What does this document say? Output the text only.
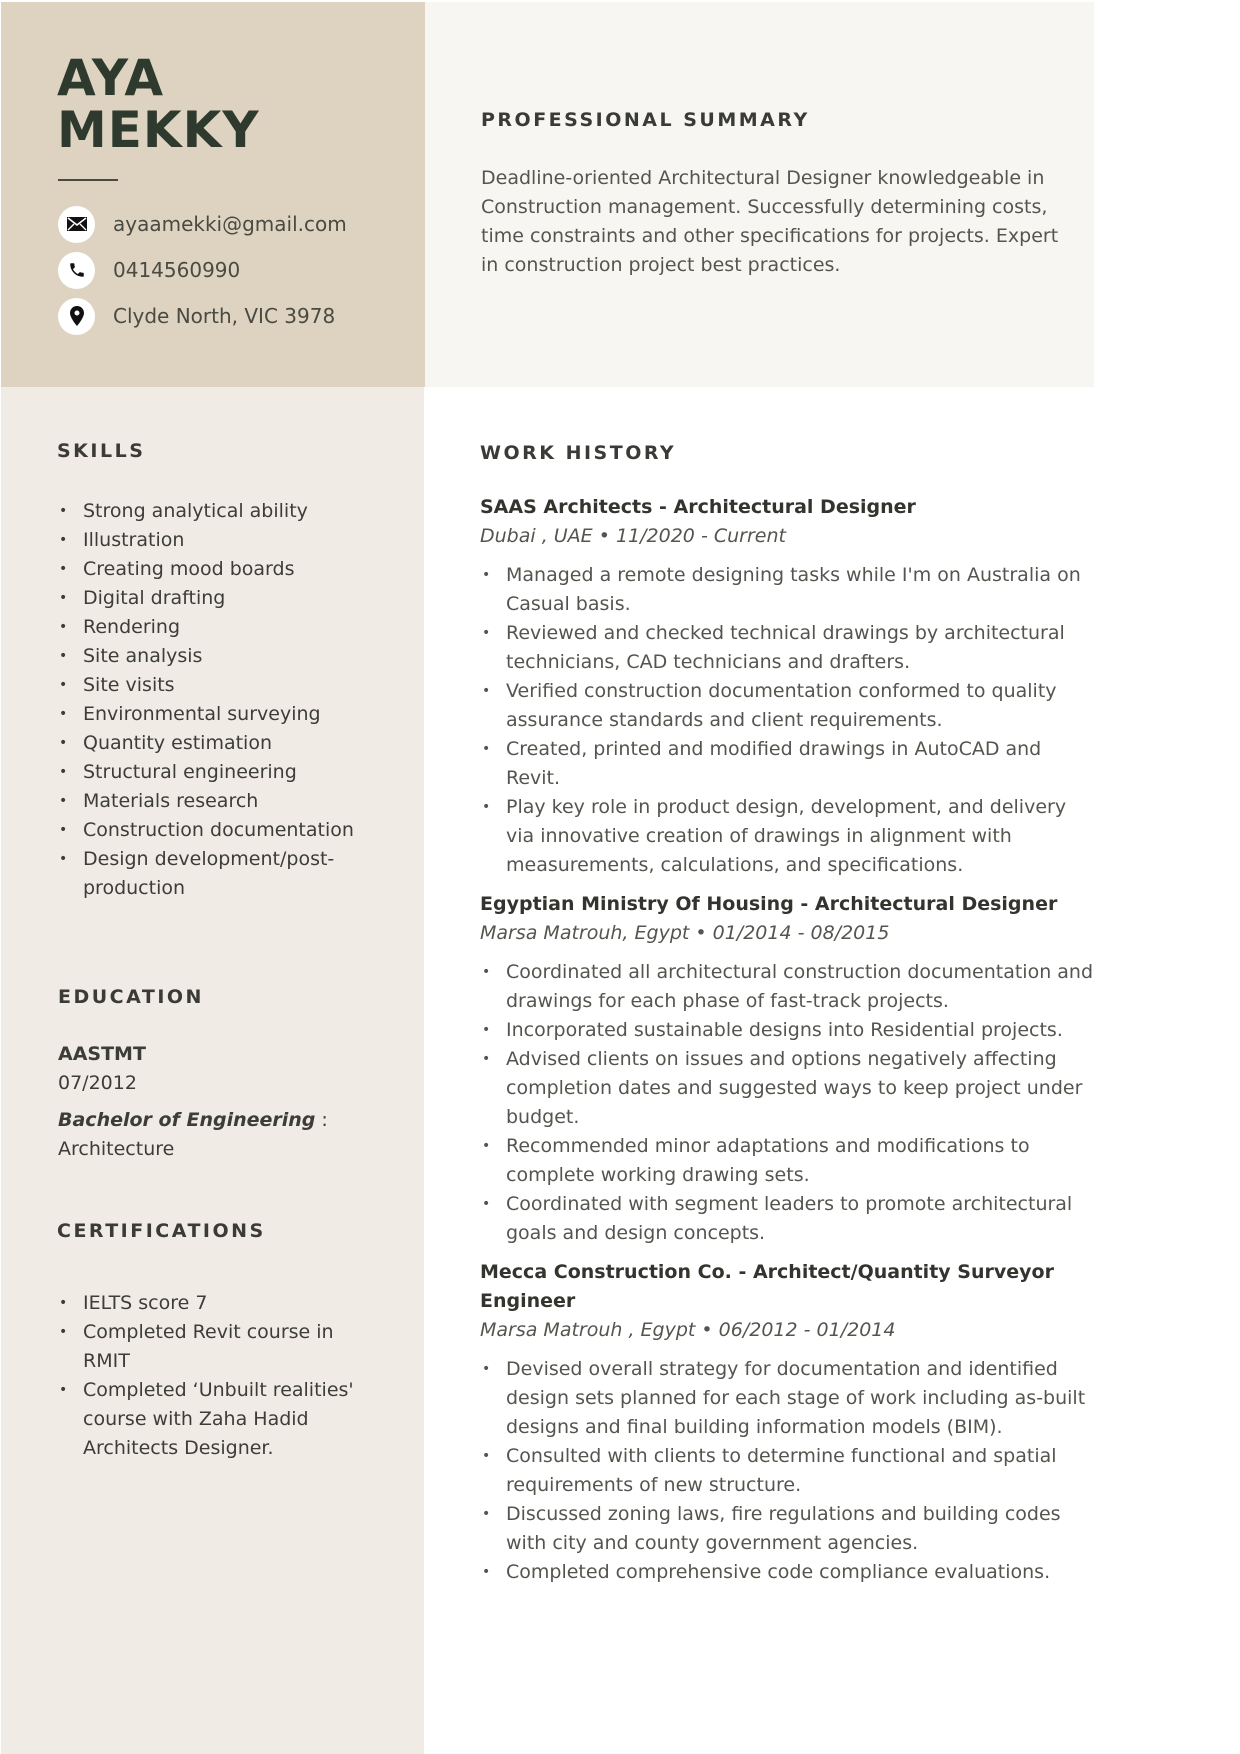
AYA
MEKKY
ayaamekki@gmail.com
0414560990
Clyde North, VIC 3978
PROFESSIONAL SUMMARY

Deadline-oriented Architectural Designer knowledgeable in Construction management. Successfully determining costs, time constraints and other specifications for projects. Expert in construction project best practices.

SKILLS
• Strong analytical ability
• Illustration
• Creating mood boards
• Digital drafting
• Rendering
• Site analysis
• Site visits
• Environmental surveying
• Quantity estimation
• Structural engineering
• Materials research
• Construction documentation
• Design development/post-production
EDUCATION
AASTMT
07/2012
Bachelor of Engineering : Architecture
CERTIFICATIONS
• IELTS score 7
• Completed Revit course in RMIT
• Completed ‘Unbuilt realities' course with Zaha Hadid Architects Designer.
WORK HISTORY
SAAS Architects - Architectural Designer
Dubai , UAE • 11/2020 - Current
• Managed a remote designing tasks while I'm on Australia on Casual basis.
• Reviewed and checked technical drawings by architectural technicians, CAD technicians and drafters.
• Verified construction documentation conformed to quality assurance standards and client requirements.
• Created, printed and modified drawings in AutoCAD and Revit.
• Play key role in product design, development, and delivery via innovative creation of drawings in alignment with measurements, calculations, and specifications.
Egyptian Ministry Of Housing - Architectural Designer
Marsa Matrouh, Egypt • 01/2014 - 08/2015
• Coordinated all architectural construction documentation and drawings for each phase of fast-track projects.
• Incorporated sustainable designs into Residential projects.
• Advised clients on issues and options negatively affecting completion dates and suggested ways to keep project under budget.
• Recommended minor adaptations and modifications to complete working drawing sets.
• Coordinated with segment leaders to promote architectural goals and design concepts.
Mecca Construction Co. - Architect/Quantity Surveyor Engineer
Marsa Matrouh , Egypt • 06/2012 - 01/2014
• Devised overall strategy for documentation and identified design sets planned for each stage of work including as-built designs and final building information models (BIM).
• Consulted with clients to determine functional and spatial requirements of new structure.
• Discussed zoning laws, fire regulations and building codes with city and county government agencies.
• Completed comprehensive code compliance evaluations.
